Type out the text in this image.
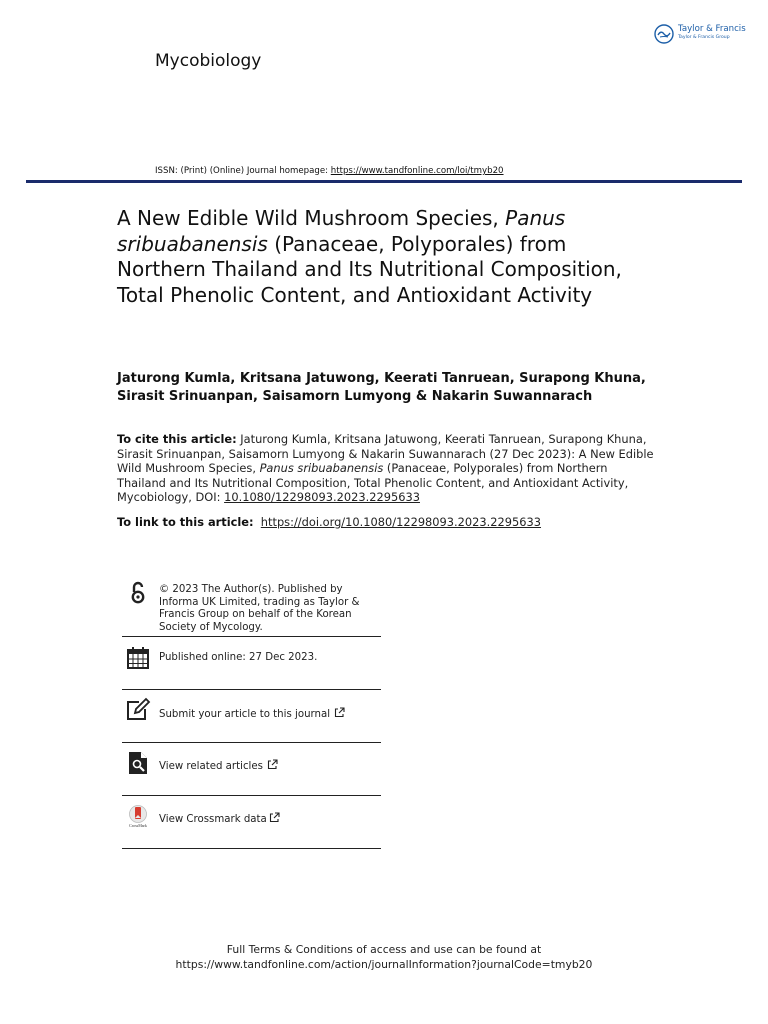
Mycobiology
Taylor & Francis
Taylor & Francis Group
ISSN: (Print) (Online) Journal homepage: https://www.tandfonline.com/loi/tmyb20
A New Edible Wild Mushroom Species, Panus sribuabanensis (Panaceae, Polyporales) from Northern Thailand and Its Nutritional Composition, Total Phenolic Content, and Antioxidant Activity
Jaturong Kumla, Kritsana Jatuwong, Keerati Tanruean, Surapong Khuna, Sirasit Srinuanpan, Saisamorn Lumyong & Nakarin Suwannarach
To cite this article: Jaturong Kumla, Kritsana Jatuwong, Keerati Tanruean, Surapong Khuna, Sirasit Srinuanpan, Saisamorn Lumyong & Nakarin Suwannarach (27 Dec 2023): A New Edible Wild Mushroom Species, Panus sribuabanensis (Panaceae, Polyporales) from Northern Thailand and Its Nutritional Composition, Total Phenolic Content, and Antioxidant Activity, Mycobiology, DOI: 10.1080/12298093.2023.2295633
To link to this article: https://doi.org/10.1080/12298093.2023.2295633
© 2023 The Author(s). Published by Informa UK Limited, trading as Taylor & Francis Group on behalf of the Korean Society of Mycology.
Published online: 27 Dec 2023.
Submit your article to this journal
View related articles
CrossMark
View Crossmark data
Full Terms & Conditions of access and use can be found at
https://www.tandfonline.com/action/journalInformation?journalCode=tmyb20
